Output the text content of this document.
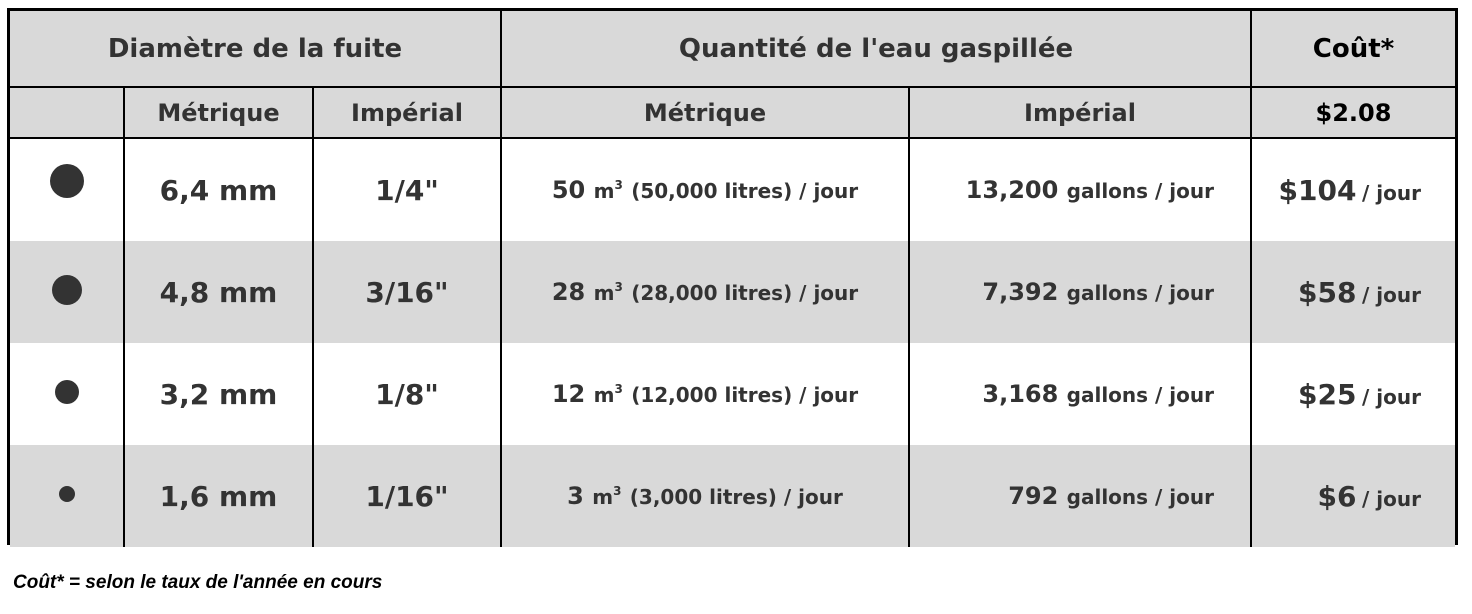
Diamètre de la fuite			Quantité de l'eau gaspillée		Coût*
	Métrique	Impérial	Métrique	Impérial	$2.08
	6,4 mm	1/4"	50 $m^3$ (50,000 litres) / jour	13,200 gallons / jour	$104 / jour
	4,8 mm	3/16"	28 $m^3$ (28,000 litres) / jour	7,392 gallons / jour	$58 / jour
	3,2 mm	1/8"	12 $m^3$ (12,000 litres) / jour	3,168 gallons / jour	$25 / jour
	1,6 mm	1/16"	3 $m^3$ (3,000 litres) / jour	792 gallons / jour	$6 / jour
Coût* = selon le taux de l'année en cours
